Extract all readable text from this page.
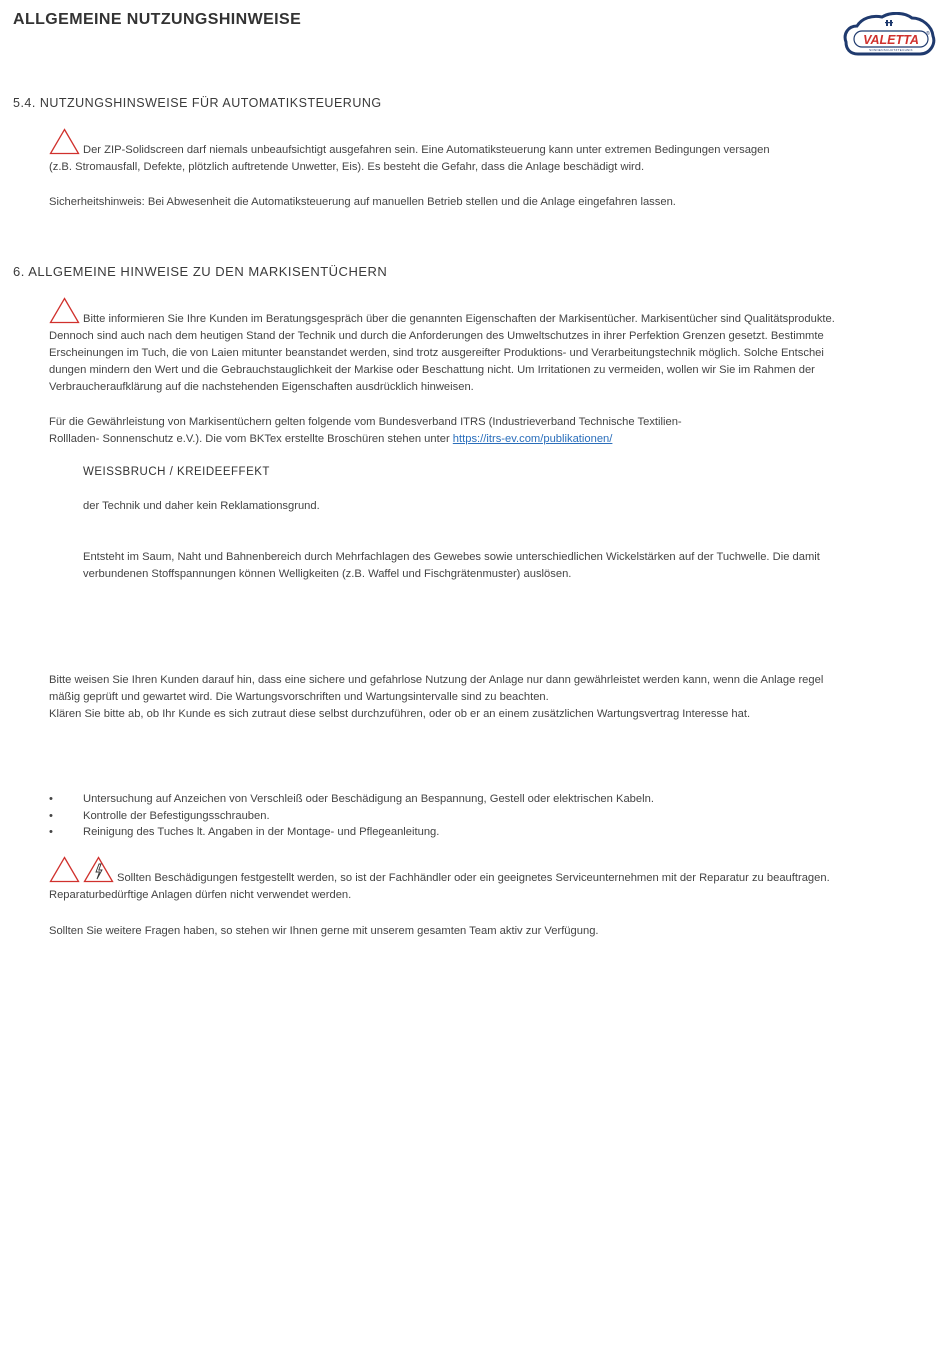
ALLGEMEINE NUTZUNGSHINWEISE
VALETTA ®
SONNENSCHUTZTECHNIK
5.4. NUTZUNGSHINSWEISE FÜR AUTOMATIKSTEUERUNG
Der ZIP-Solidscreen darf niemals unbeaufsichtigt ausgefahren sein. Eine Automatiksteuerung kann unter extremen Bedingungen versagen
(z.B. Stromausfall, Defekte, plötzlich auftretende Unwetter, Eis). Es besteht die Gefahr, dass die Anlage beschädigt wird.
Sicherheitshinweis: Bei Abwesenheit die Automatiksteuerung auf manuellen Betrieb stellen und die Anlage eingefahren lassen.
6. ALLGEMEINE HINWEISE ZU DEN MARKISENTÜCHERN
Bitte informieren Sie Ihre Kunden im Beratungsgespräch über die genannten Eigenschaften der Markisentücher. Markisentücher sind Qualitätsprodukte.
Dennoch sind auch nach dem heutigen Stand der Technik und durch die Anforderungen des Umweltschutzes in ihrer Perfektion Grenzen gesetzt. Bestimmte
Erscheinungen im Tuch, die von Laien mitunter beanstandet werden, sind trotz ausgereifter Produktions- und Verarbeitungstechnik möglich. Solche Entschei
dungen mindern den Wert und die Gebrauchstauglichkeit der Markise oder Beschattung nicht. Um Irritationen zu vermeiden, wollen wir Sie im Rahmen der
Verbraucheraufklärung auf die nachstehenden Eigenschaften ausdrücklich hinweisen.
Für die Gewährleistung von Markisentüchern gelten folgende vom Bundesverband ITRS (Industrieverband Technische Textilien-
Rollladen- Sonnenschutz e.V.). Die vom BKTex erstellte Broschüren stehen unter https://itrs-ev.com/publikationen/
WEISSBRUCH / KREIDEEFFEKT
der Technik und daher kein Reklamationsgrund.
Entsteht im Saum, Naht und Bahnenbereich durch Mehrfachlagen des Gewebes sowie unterschiedlichen Wickelstärken auf der Tuchwelle. Die damit
verbundenen Stoffspannungen können Welligkeiten (z.B. Waffel und Fischgrätenmuster) auslösen.
Bitte weisen Sie Ihren Kunden darauf hin, dass eine sichere und gefahrlose Nutzung der Anlage nur dann gewährleistet werden kann, wenn die Anlage regel
mäßig geprüft und gewartet wird. Die Wartungsvorschriften und Wartungsintervalle sind zu beachten.
Klären Sie bitte ab, ob Ihr Kunde es sich zutraut diese selbst durchzuführen, oder ob er an einem zusätzlichen Wartungsvertrag Interesse hat.
•	Untersuchung auf Anzeichen von Verschleiß oder Beschädigung an Bespannung, Gestell oder elektrischen Kabeln.
•	Kontrolle der Befestigungsschrauben.
•	Reinigung des Tuches lt. Angaben in der Montage- und Pflegeanleitung.
Sollten Beschädigungen festgestellt werden, so ist der Fachhändler oder ein geeignetes Serviceunternehmen mit der Reparatur zu beauftragen.
Reparaturbedürftige Anlagen dürfen nicht verwendet werden.
Sollten Sie weitere Fragen haben, so stehen wir Ihnen gerne mit unserem gesamten Team aktiv zur Verfügung.
